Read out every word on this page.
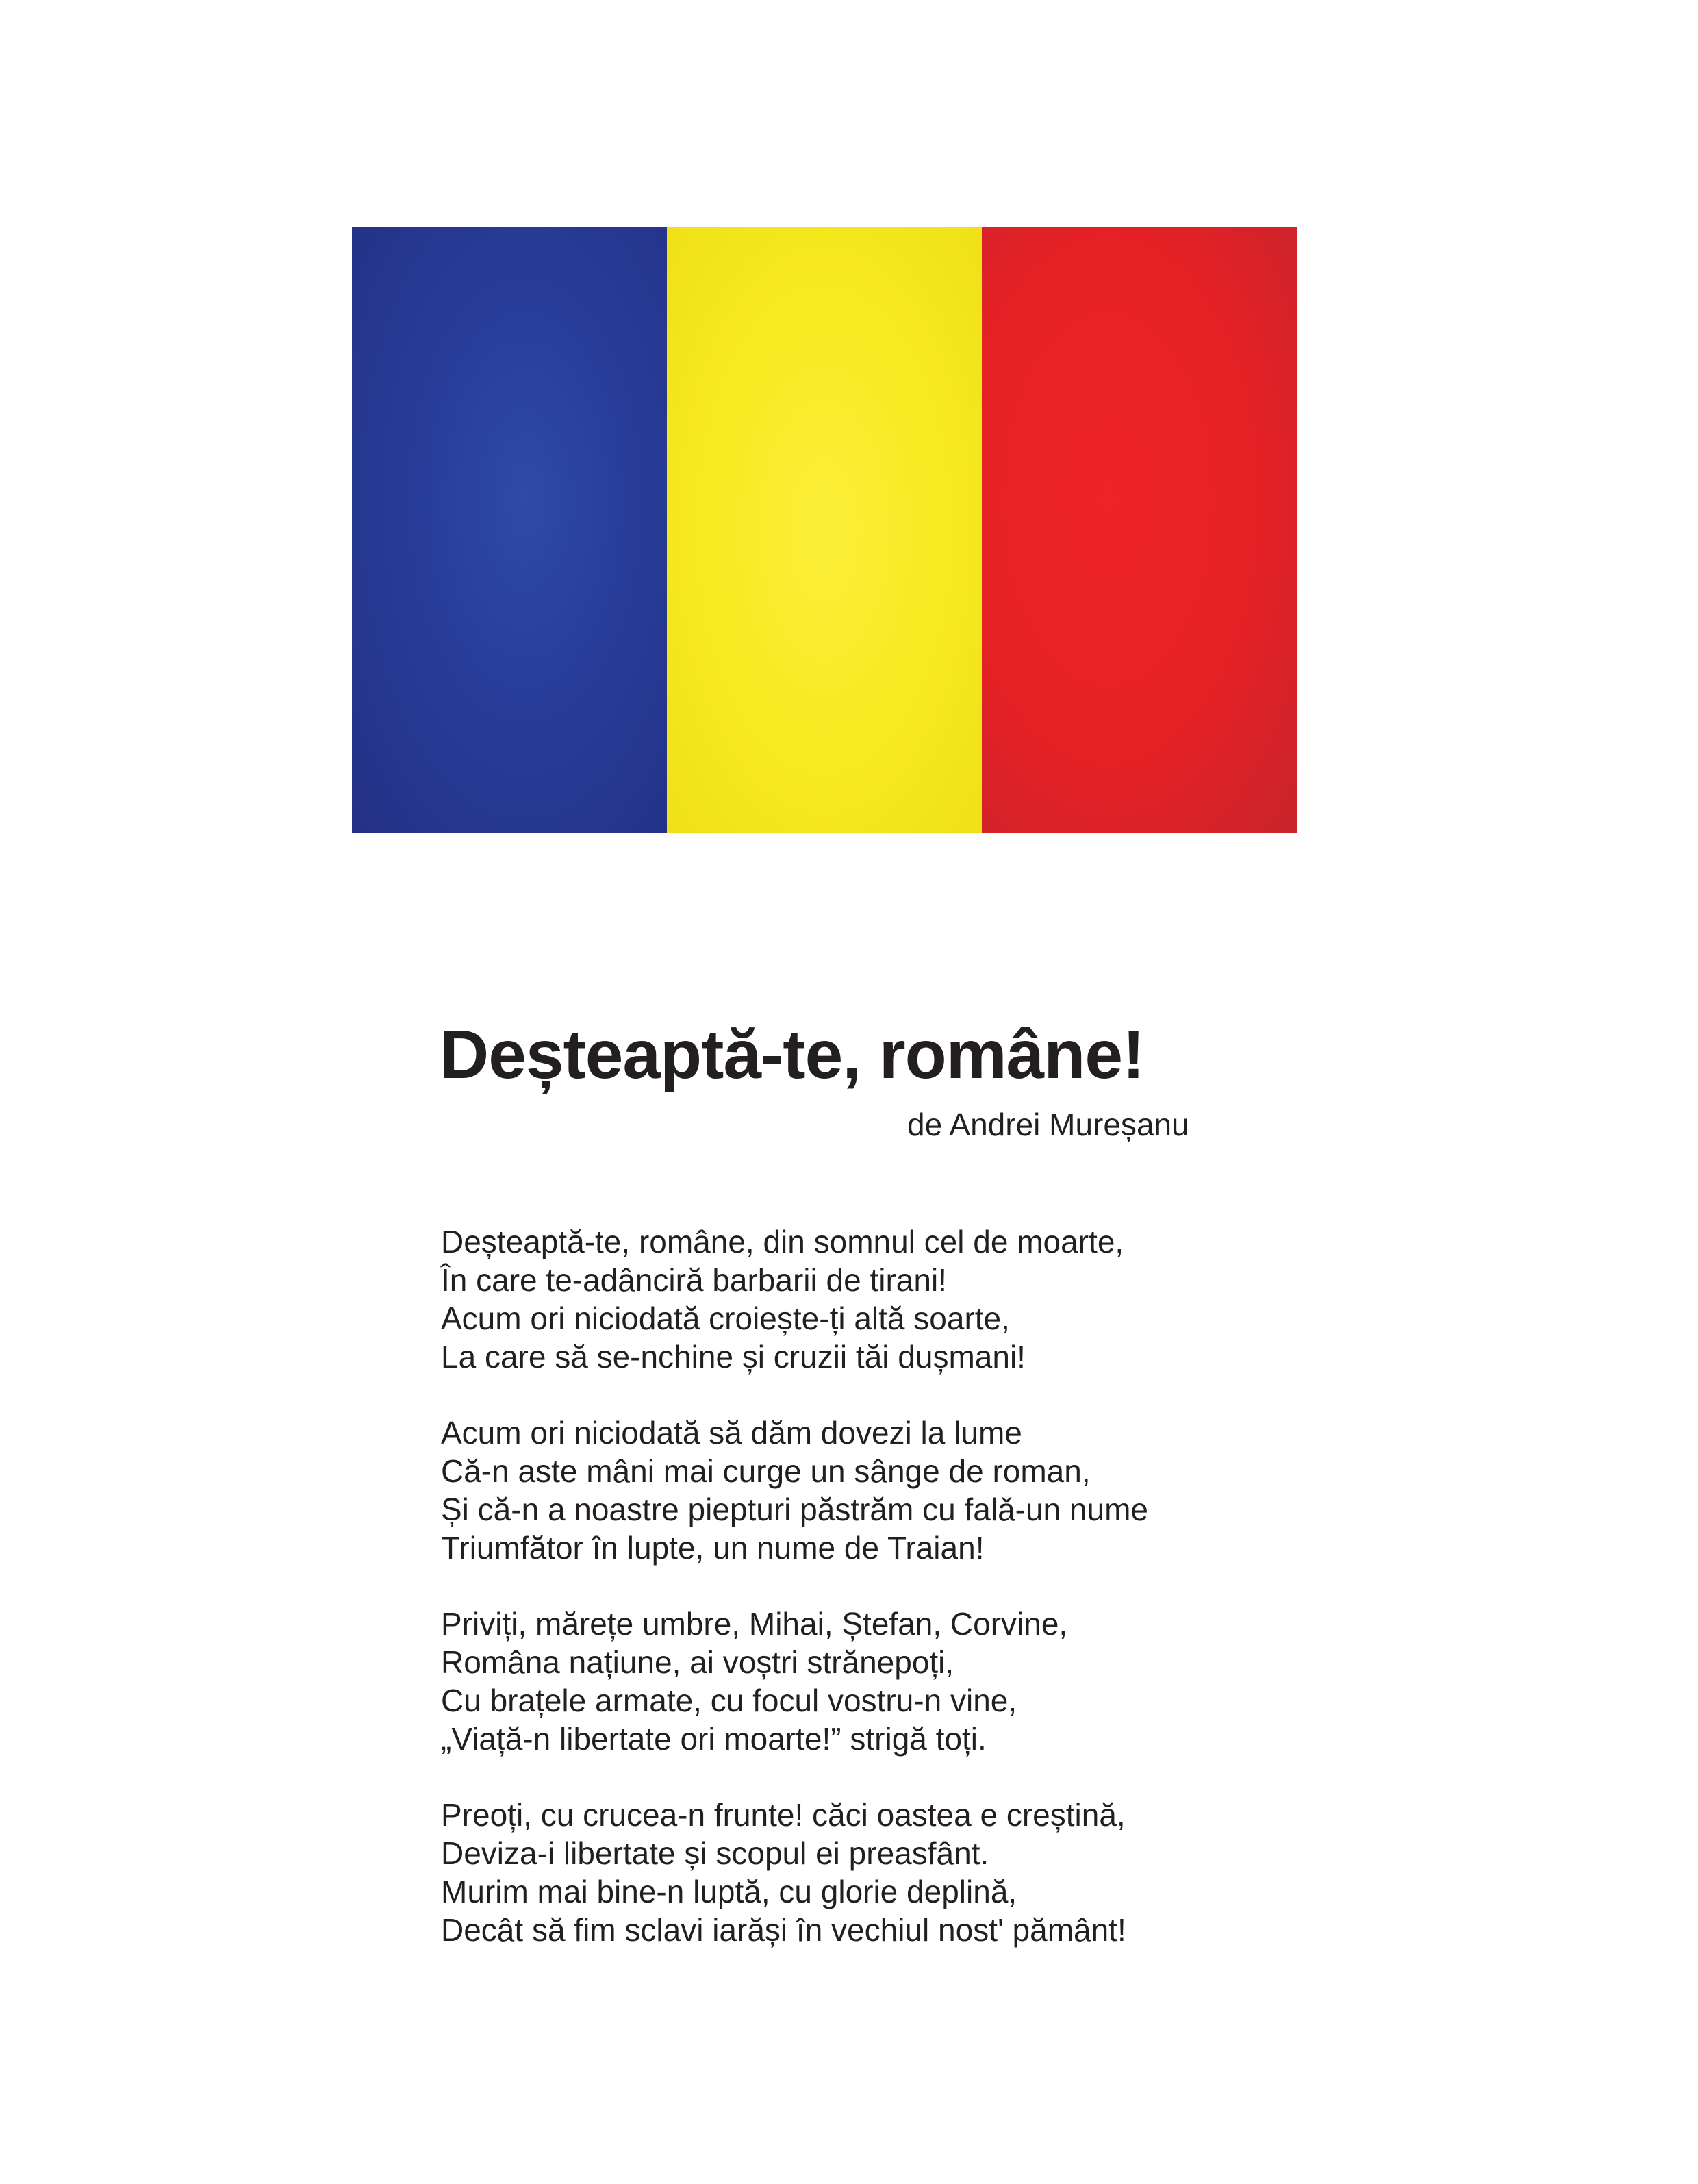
Deșteaptă-te, române!

de Andrei Mureșanu

Deșteaptă-te, române, din somnul cel de moarte,
În care te-adânciră barbarii de tirani!
Acum ori niciodată croiește-ți altă soarte,
La care să se-nchine și cruzii tăi dușmani!
Acum ori niciodată să dăm dovezi la lume
Că-n aste mâni mai curge un sânge de roman,
Și că-n a noastre piepturi păstrăm cu falǎ-un nume
Triumfător în lupte, un nume de Traian!
Priviți, mărețe umbre, Mihai, Ștefan, Corvine,
Româna națiune, ai voștri strănepoți,
Cu brațele armate, cu focul vostru-n vine,
„Viață-n libertate ori moarte!” strigă toți.
Preoți, cu crucea-n frunte! căci oastea e creștină,
Deviza-i libertate și scopul ei preasfânt.
Murim mai bine-n luptă, cu glorie deplină,
Decât să fim sclavi iarăși în vechiul nost' pământ!
